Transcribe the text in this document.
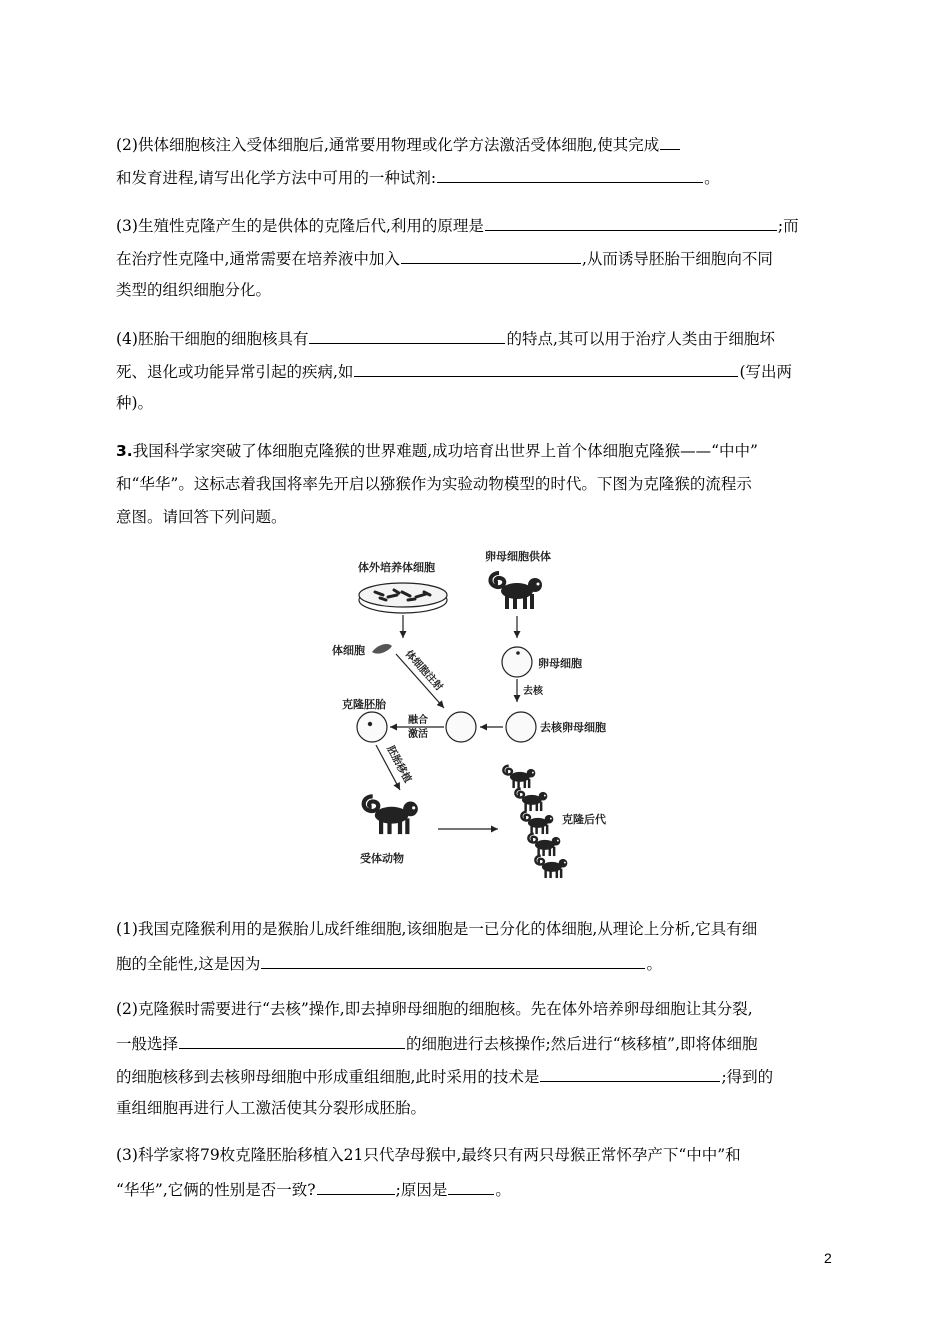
(2)供体细胞核注入受体细胞后,通常要用物理或化学方法激活受体细胞,使其完成
和发育进程,请写出化学方法中可用的一种试剂:	。
(3)生殖性克隆产生的是供体的克隆后代,利用的原理是	;而
在治疗性克隆中,通常需要在培养液中加入	,从而诱导胚胎干细胞向不同
类型的组织细胞分化。
(4)胚胎干细胞的细胞核具有	的特点,其可以用于治疗人类由于细胞坏
死、退化或功能异常引起的疾病,如	(写出两
种)。
3.我国科学家突破了体细胞克隆猴的世界难题,成功培育出世界上首个体细胞克隆猴——“中中”
和“华华”。这标志着我国将率先开启以猕猴作为实验动物模型的时代。下图为克隆猴的流程示
意图。请回答下列问题。
体外培养体细胞
卵母细胞供体
卵母细胞
去核
去核卵母细胞
体细胞	体细胞注射
融合
激活
克隆胚胎
胚胎移植
受体动物
克隆后代
(1)我国克隆猴利用的是猴胎儿成纤维细胞,该细胞是一已分化的体细胞,从理论上分析,它具有细
胞的全能性,这是因为	。
(2)克隆猴时需要进行“去核”操作,即去掉卵母细胞的细胞核。先在体外培养卵母细胞让其分裂,
一般选择	的细胞进行去核操作;然后进行“核移植”,即将体细胞
的细胞核移到去核卵母细胞中形成重组细胞,此时采用的技术是	;得到的
重组细胞再进行人工激活使其分裂形成胚胎。
(3)科学家将79枚克隆胚胎移植入21只代孕母猴中,最终只有两只母猴正常怀孕产下“中中”和
“华华”,它俩的性别是否一致?	;原因是	。
2
